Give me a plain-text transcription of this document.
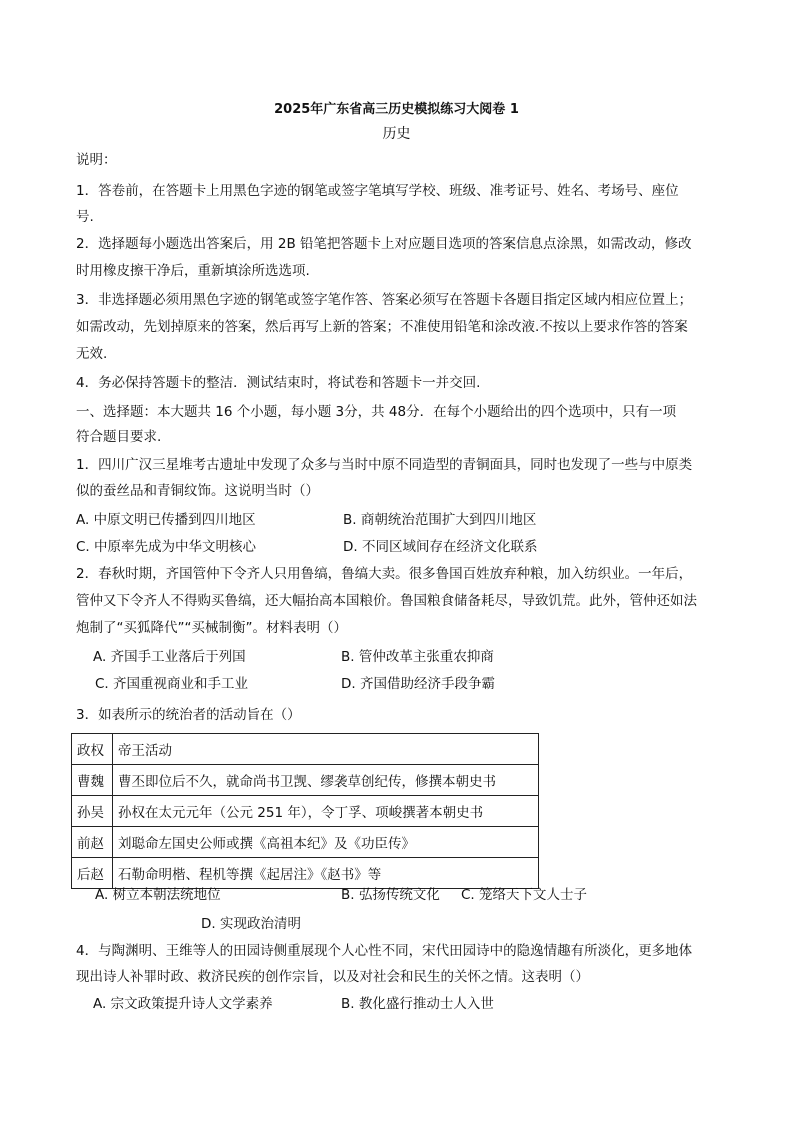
2025年广东省高三历史模拟练习大阅卷 1
历史
说明：
1．答卷前，在答题卡上用黑色字迹的钢笔或签字笔填写学校、班级、准考证号、姓名、考场号、座位
号.
2．选择题每小题选出答案后，用 2B 铅笔把答题卡上对应题目选项的答案信息点涂黑，如需改动，修改
时用橡皮擦干净后，重新填涂所选选项.
3．非选择题必须用黑色字迹的钢笔或签字笔作答、答案必须写在答题卡各题目指定区域内相应位置上；
如需改动，先划掉原来的答案，然后再写上新的答案；不准使用铅笔和涂改液.不按以上要求作答的答案
无效.
4．务必保持答题卡的整洁．测试结束时，将试卷和答题卡一并交回.
一、选择题：本大题共 16 个小题，每小题 3分，共 48分．在每个小题给出的四个选项中，只有一项
符合题目要求.
1．四川广汉三星堆考古遗址中发现了众多与当时中原不同造型的青铜面具，同时也发现了一些与中原类
似的蚕丝品和青铜纹饰。这说明当时（）
A. 中原文明已传播到四川地区	B. 商朝统治范围扩大到四川地区
C. 中原率先成为中华文明核心	D. 不同区域间存在经济文化联系
2．春秋时期，齐国管仲下令齐人只用鲁缟，鲁缟大卖。很多鲁国百姓放弃种粮，加入纺织业。一年后，
管仲又下令齐人不得购买鲁缟，还大幅抬高本国粮价。鲁国粮食储备耗尽，导致饥荒。此外，管仲还如法
炮制了“买狐降代”“买械制衡”。材料表明（）
A. 齐国手工业落后于列国	B. 管仲改革主张重农抑商
C. 齐国重视商业和手工业	D. 齐国借助经济手段争霸
3．如表所示的统治者的活动旨在（）
政权	帝王活动
曹魏	曹丕即位后不久，就命尚书卫觊、缪袭草创纪传，修撰本朝史书
孙吴	孙权在太元元年（公元 251 年），令丁孚、项峻撰著本朝史书
前赵	刘聪命左国史公师或撰《高祖本纪》及《功臣传》
后赵	石勒命明楷、程机等撰《起居注》《赵书》等
A. 树立本朝法统地位	B. 弘扬传统文化 C. 笼络天下文人士子
D. 实现政治清明
4．与陶渊明、王维等人的田园诗侧重展现个人心性不同，宋代田园诗中的隐逸情趣有所淡化，更多地体
现出诗人补罪时政、救济民疾的创作宗旨，以及对社会和民生的关怀之情。这表明（）
A. 宗文政策提升诗人文学素养	B. 教化盛行推动士人入世
